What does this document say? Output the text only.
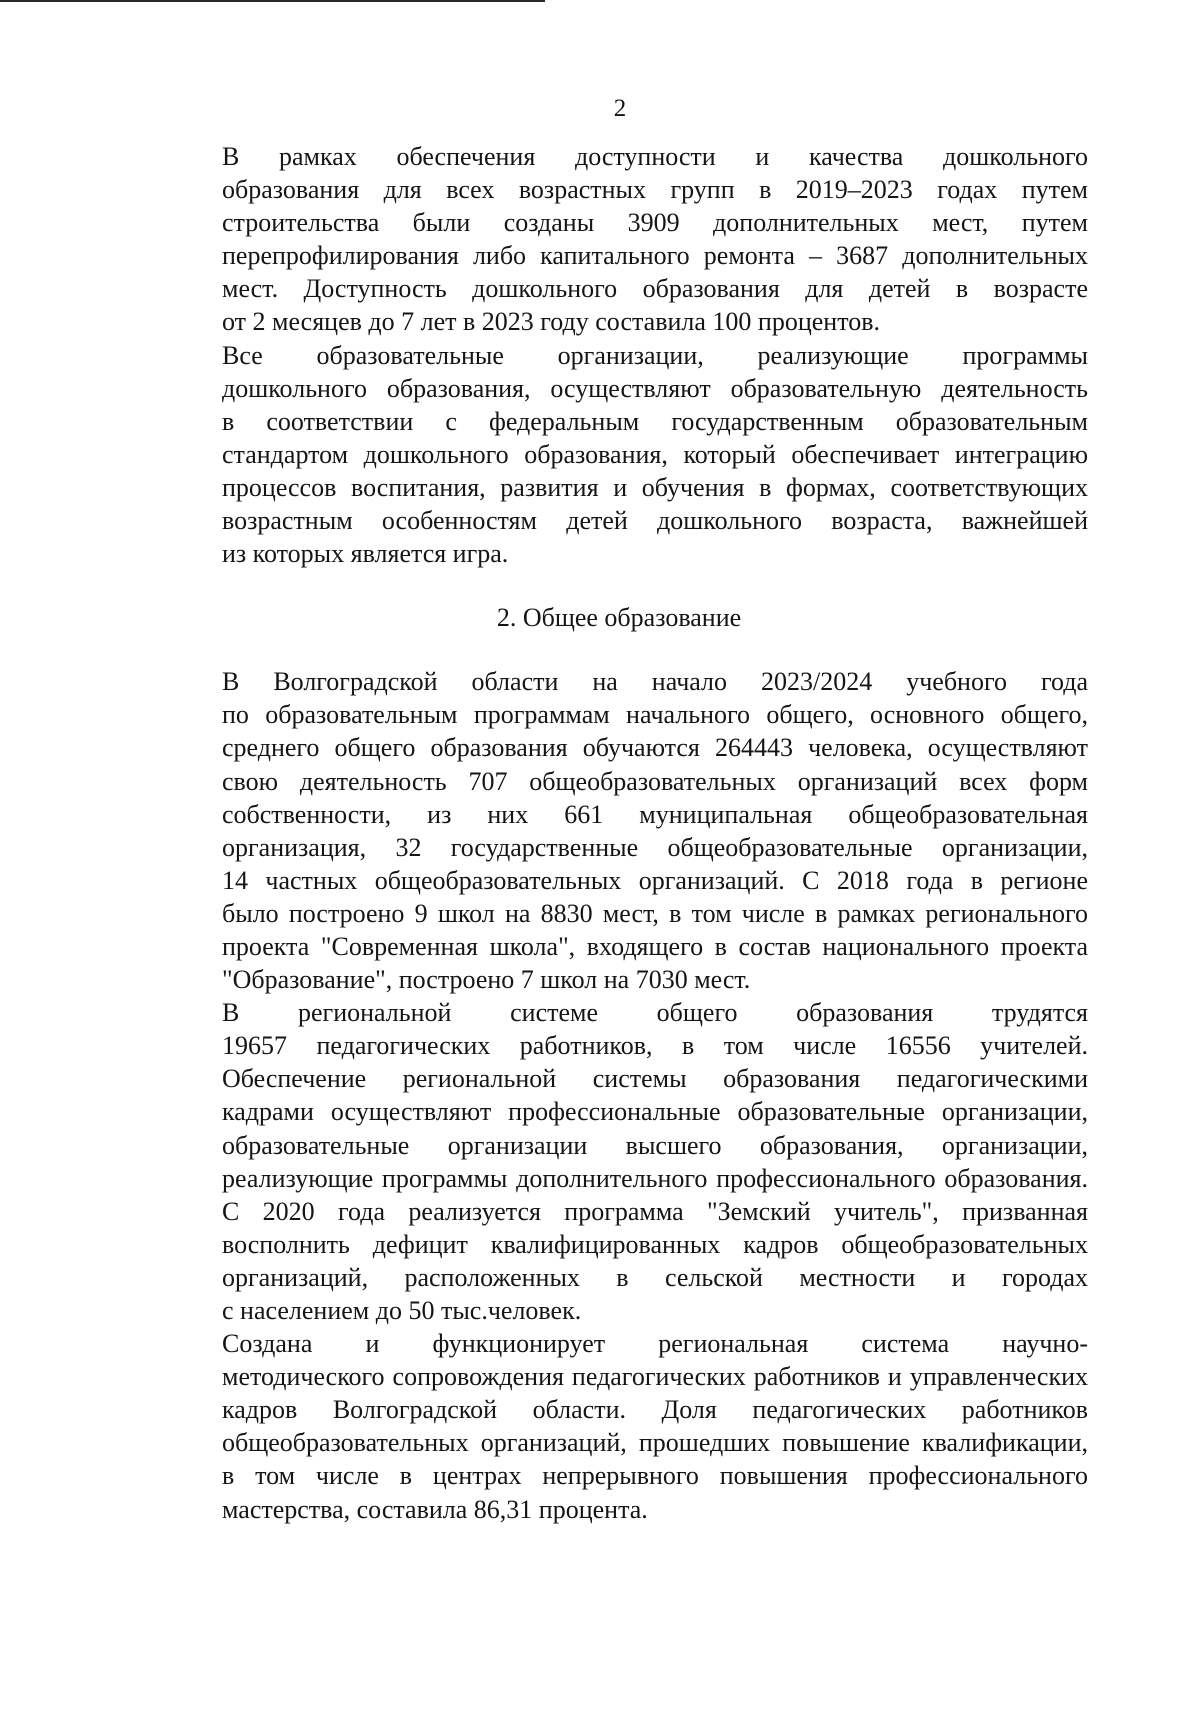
2
В рамках обеспечения доступности и качества дошкольного
образования для всех возрастных групп в 2019–2023 годах путем
строительства были созданы 3909 дополнительных мест, путем
перепрофилирования либо капитального ремонта – 3687 дополнительных
мест. Доступность дошкольного образования для детей в возрасте
от 2 месяцев до 7 лет в 2023 году составила 100 процентов.
Все образовательные организации, реализующие программы
дошкольного образования, осуществляют образовательную деятельность
в соответствии с федеральным государственным образовательным
стандартом дошкольного образования, который обеспечивает интеграцию
процессов воспитания, развития и обучения в формах, соответствующих
возрастным особенностям детей дошкольного возраста, важнейшей
из которых является игра.
2. Общее образование
В Волгоградской области на начало 2023/2024 учебного года
по образовательным программам начального общего, основного общего,
среднего общего образования обучаются 264443 человека, осуществляют
свою деятельность 707 общеобразовательных организаций всех форм
собственности, из них 661 муниципальная общеобразовательная
организация, 32 государственные общеобразовательные организации,
14 частных общеобразовательных организаций. С 2018 года в регионе
было построено 9 школ на 8830 мест, в том числе в рамках регионального
проекта "Современная школа", входящего в состав национального проекта
"Образование", построено 7 школ на 7030 мест.
В региональной системе общего образования трудятся
19657 педагогических работников, в том числе 16556 учителей.
Обеспечение региональной системы образования педагогическими
кадрами осуществляют профессиональные образовательные организации,
образовательные организации высшего образования, организации,
реализующие программы дополнительного профессионального образования.
С 2020 года реализуется программа "Земский учитель", призванная
восполнить дефицит квалифицированных кадров общеобразовательных
организаций, расположенных в сельской местности и городах
с населением до 50 тыс.человек.
Создана и функционирует региональная система научно-
методического сопровождения педагогических работников и управленческих
кадров Волгоградской области. Доля педагогических работников
общеобразовательных организаций, прошедших повышение квалификации,
в том числе в центрах непрерывного повышения профессионального
мастерства, составила 86,31 процента.
